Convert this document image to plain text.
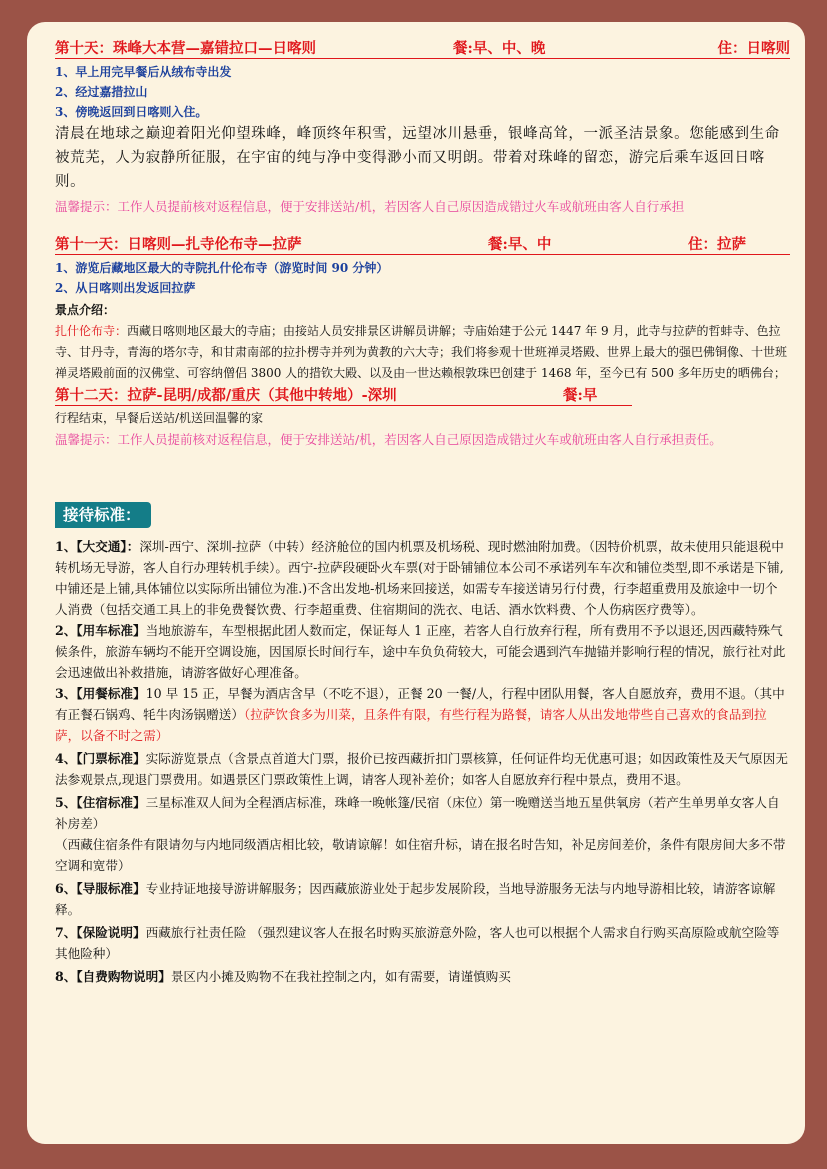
第十天：珠峰大本营—嘉错拉口—日喀则	餐:早、中、晚	住：日喀则
1、早上用完早餐后从绒布寺出发
2、经过嘉措拉山
3、傍晚返回到日喀则入住。
清晨在地球之巅迎着阳光仰望珠峰，峰顶终年积雪，远望冰川悬垂，银峰高耸，一派圣洁景象。您能感到生命被荒芜，人为寂静所征服，在宇宙的纯与净中变得渺小而又明朗。带着对珠峰的留恋，游完后乘车返回日喀则。
温馨提示：工作人员提前核对返程信息，便于安排送站/机，若因客人自己原因造成错过火车或航班由客人自行承担
第十一天：日喀则—扎寺伦布寺—拉萨	餐:早、中	住：拉萨
1、游览后藏地区最大的寺院扎什伦布寺（游览时间 90 分钟）
2、从日喀则出发返回拉萨
景点介绍：
扎什伦布寺：西藏日喀则地区最大的寺庙；由接站人员安排景区讲解员讲解；寺庙始建于公元 1447 年 9 月，此寺与拉萨的哲蚌寺、色拉寺、甘丹寺，青海的塔尔寺，和甘肃南部的拉扑楞寺并列为黄教的六大寺；我们将参观十世班禅灵塔殿、世界上最大的强巴佛铜像、十世班禅灵塔殿前面的汉佛堂、可容纳僧侣 3800 人的措钦大殿、以及由一世达赖根敦珠巴创建于 1468 年，至今已有 500 多年历史的晒佛台；
第十二天：拉萨-昆明/成都/重庆（其他中转地）-深圳	餐:早
行程结束，早餐后送站/机送回温馨的家
温馨提示：工作人员提前核对返程信息，便于安排送站/机，若因客人自己原因造成错过火车或航班由客人自行承担责任。
接待标准：
1、【大交通】：深圳-西宁、深圳-拉萨（中转）经济舱位的国内机票及机场税、现时燃油附加费。（因特价机票，故未使用只能退税中转机场无导游，客人自行办理转机手续）。西宁-拉萨段硬卧火车票(对于卧铺铺位本公司不承诺列车车次和铺位类型,即不承诺是下铺,中铺还是上铺,具体铺位以实际所出铺位为准.)不含出发地-机场来回接送，如需专车接送请另行付费，行李超重费用及旅途中一切个人消费（包括交通工具上的非免费餐饮费、行李超重费、住宿期间的洗衣、电话、酒水饮料费、个人伤病医疗费等）。
2、【用车标准】当地旅游车，车型根据此团人数而定，保证每人 1 正座，若客人自行放弃行程，所有费用不予以退还,因西藏特殊气候条件，旅游车辆均不能开空调设施，因国原长时间行车，途中车负负荷较大，可能会遇到汽车抛锚并影响行程的情况，旅行社对此会迅速做出补救措施，请游客做好心理准备。
3、【用餐标准】10 早 15 正，早餐为酒店含早（不吃不退），正餐 20 一餐/人，行程中团队用餐，客人自愿放弃，费用不退。（其中有正餐石锅鸡、牦牛肉汤锅赠送）（拉萨饮食多为川菜，且条件有限，有些行程为路餐，请客人从出发地带些自己喜欢的食品到拉萨，以备不时之需）
4、【门票标准】实际游览景点（含景点首道大门票，报价已按西藏折扣门票核算，任何证件均无优惠可退；如因政策性及天气原因无法参观景点,现退门票费用。如遇景区门票政策性上调，请客人现补差价；如客人自愿放弃行程中景点，费用不退。
5、【住宿标准】三星标准双人间为全程酒店标准，珠峰一晚帐篷/民宿（床位）第一晚赠送当地五星供氧房（若产生单男单女客人自补房差）
（西藏住宿条件有限请勿与内地同级酒店相比较，敬请谅解！如住宿升标，请在报名时告知，补足房间差价，条件有限房间大多不带空调和宽带）
6、【导服标准】专业持证地接导游讲解服务；因西藏旅游业处于起步发展阶段，当地导游服务无法与内地导游相比较，请游客谅解释。
7、【保险说明】西藏旅行社责任险 （强烈建议客人在报名时购买旅游意外险，客人也可以根据个人需求自行购买高原险或航空险等其他险种）
8、【自费购物说明】景区内小摊及购物不在我社控制之内，如有需要，请谨慎购买
